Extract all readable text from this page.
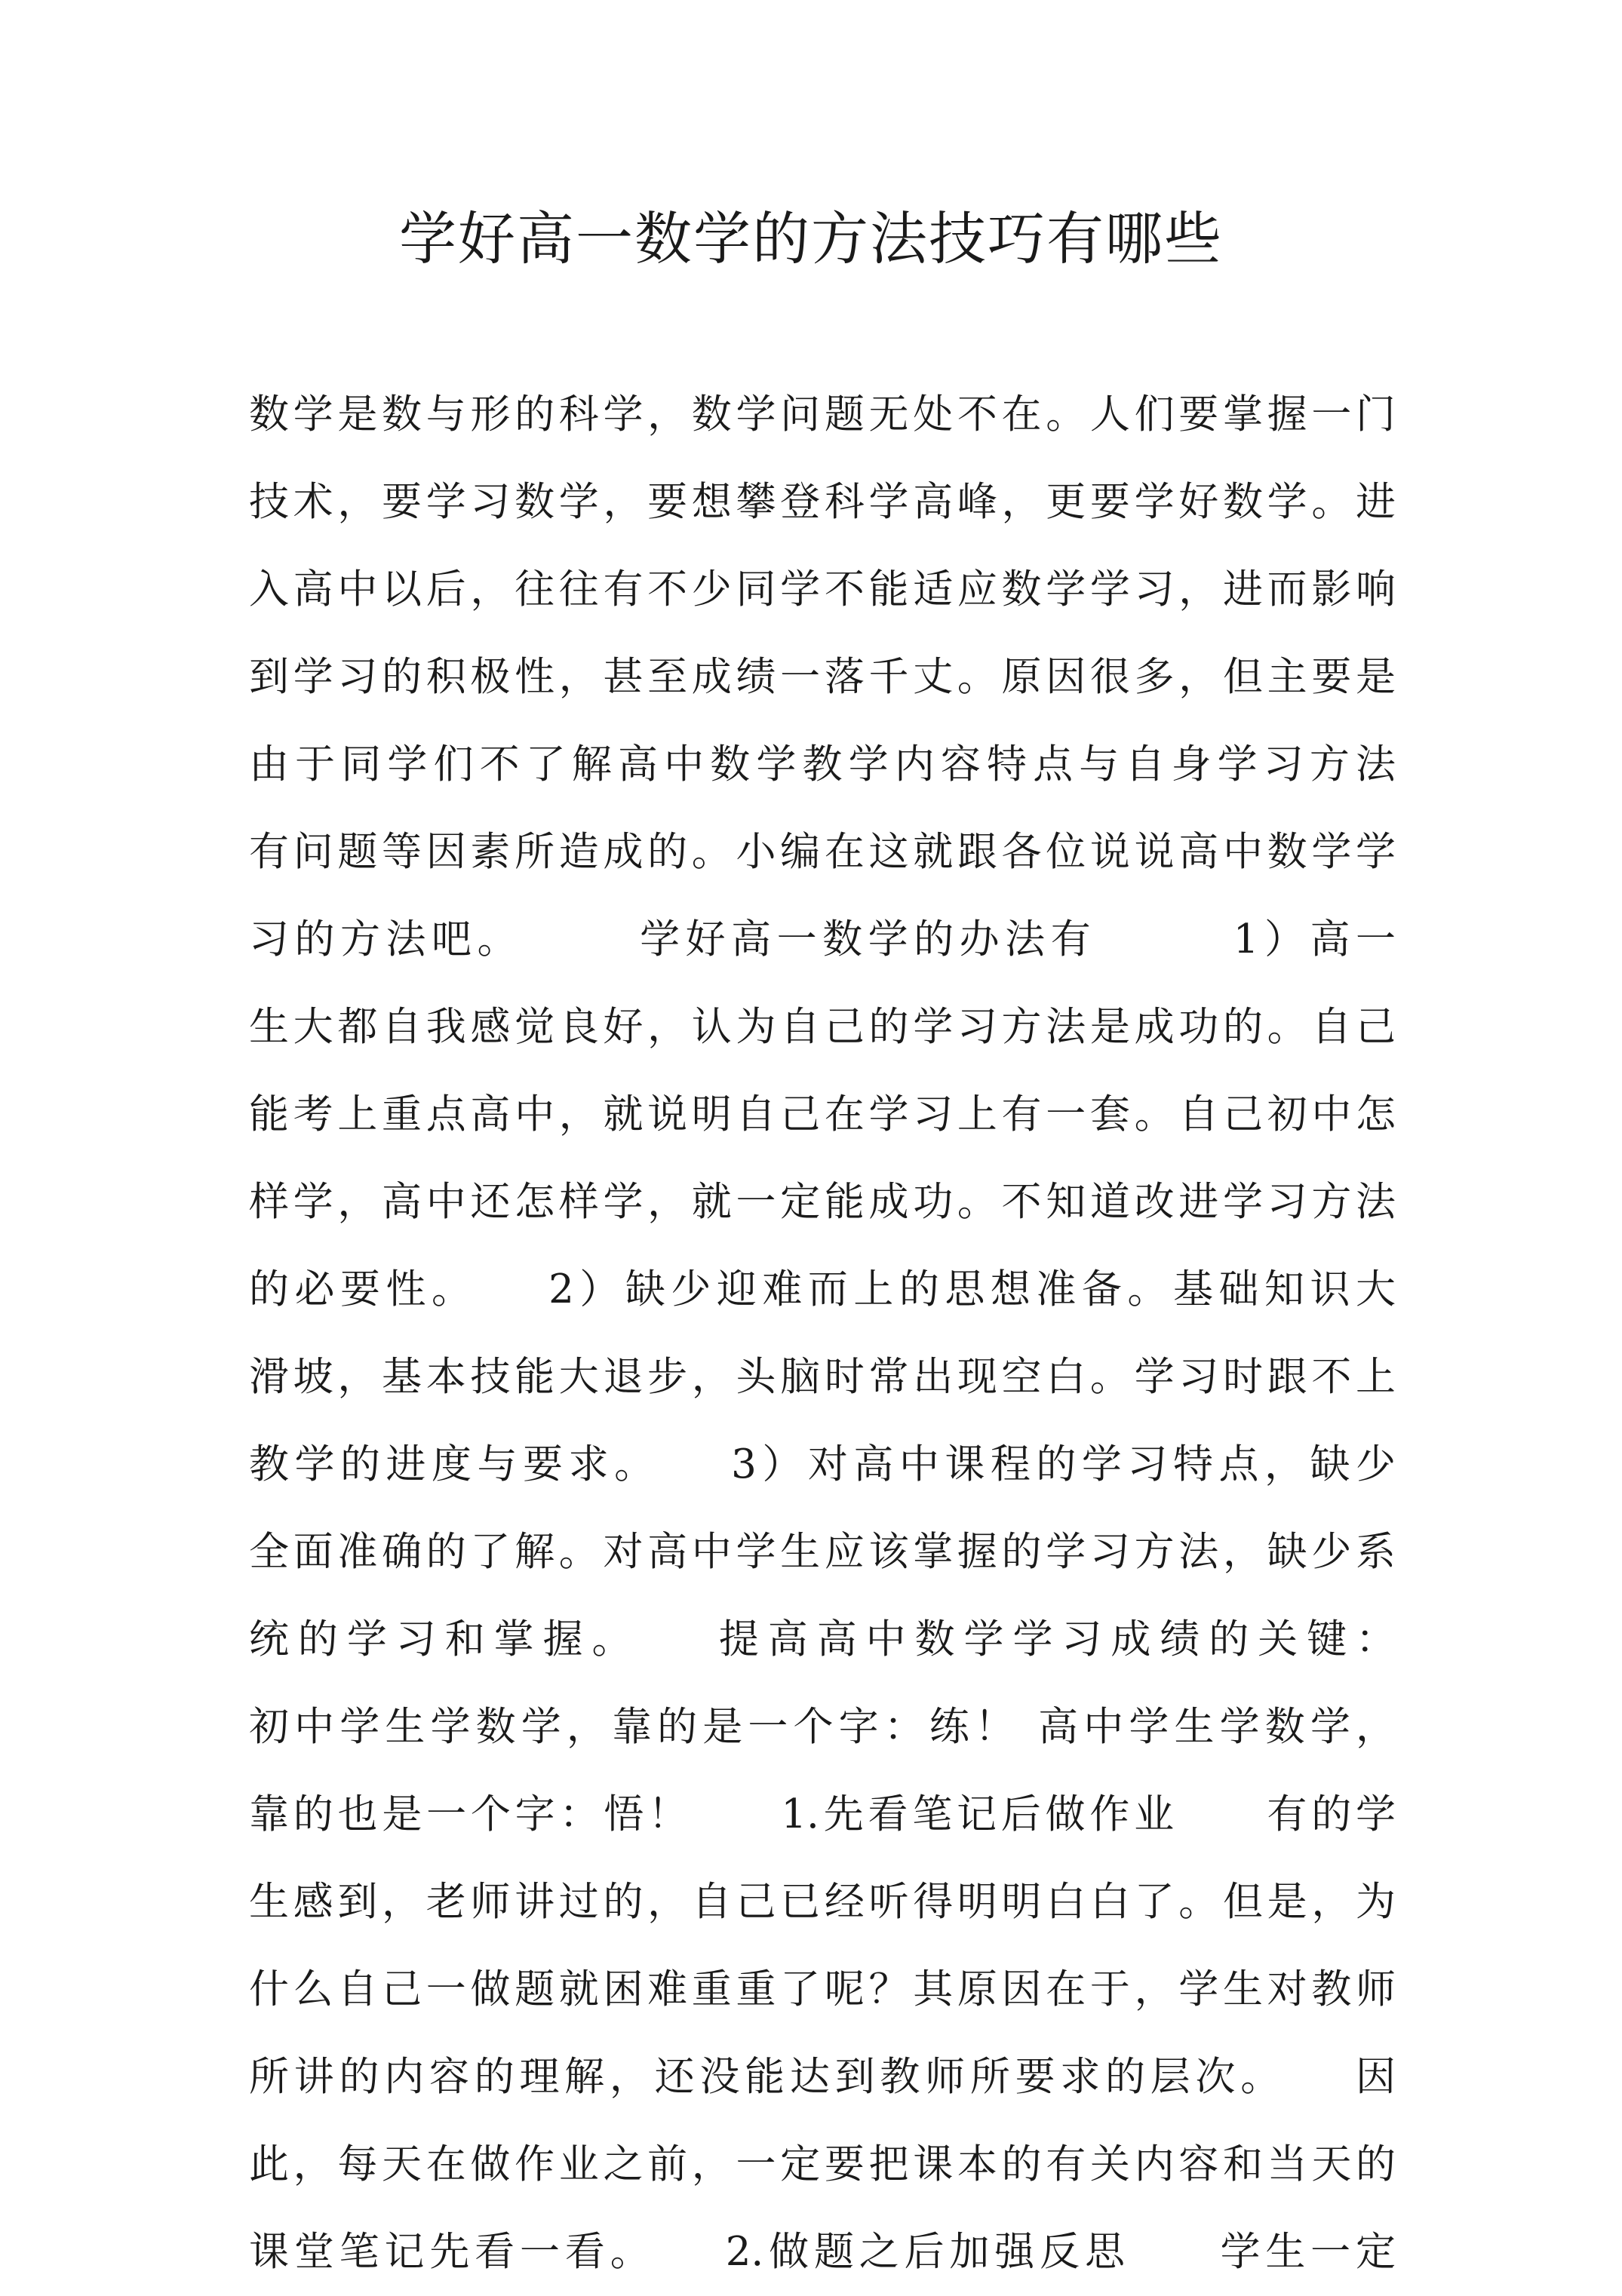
学好高一数学的方法技巧有哪些
数学是数与形的科学，数学问题无处不在。人们要掌握一门
技术，要学习数学，要想攀登科学高峰，更要学好数学。进
入高中以后，往往有不少同学不能适应数学学习，进而影响
到学习的积极性，甚至成绩一落千丈。原因很多，但主要是
由于同学们不了解高中数学教学内容特点与自身学习方法
有问题等因素所造成的。小编在这就跟各位说说高中数学学
习的方法吧。　　　学好高一数学的办法有　　　1）高一
生大都自我感觉良好，认为自己的学习方法是成功的。自己
能考上重点高中，就说明自己在学习上有一套。自己初中怎
样学，高中还怎样学，就一定能成功。不知道改进学习方法
的必要性。　　2）缺少迎难而上的思想准备。基础知识大
滑坡，基本技能大退步，头脑时常出现空白。学习时跟不上
教学的进度与要求。　　3）对高中课程的学习特点，缺少
全面准确的了解。对高中学生应该掌握的学习方法，缺少系
统的学习和掌握。　　提高高中数学学习成绩的关键：
初中学生学数学，靠的是一个字：练！ 高中学生学数学，
靠的也是一个字：悟！　　1.先看笔记后做作业　　有的学
生感到，老师讲过的，自己已经听得明明白白了。但是，为
什么自己一做题就困难重重了呢？其原因在于，学生对教师
所讲的内容的理解，还没能达到教师所要求的层次。　　因
此，每天在做作业之前，一定要把课本的有关内容和当天的
课堂笔记先看一看。　　2.做题之后加强反思　　学生一定
